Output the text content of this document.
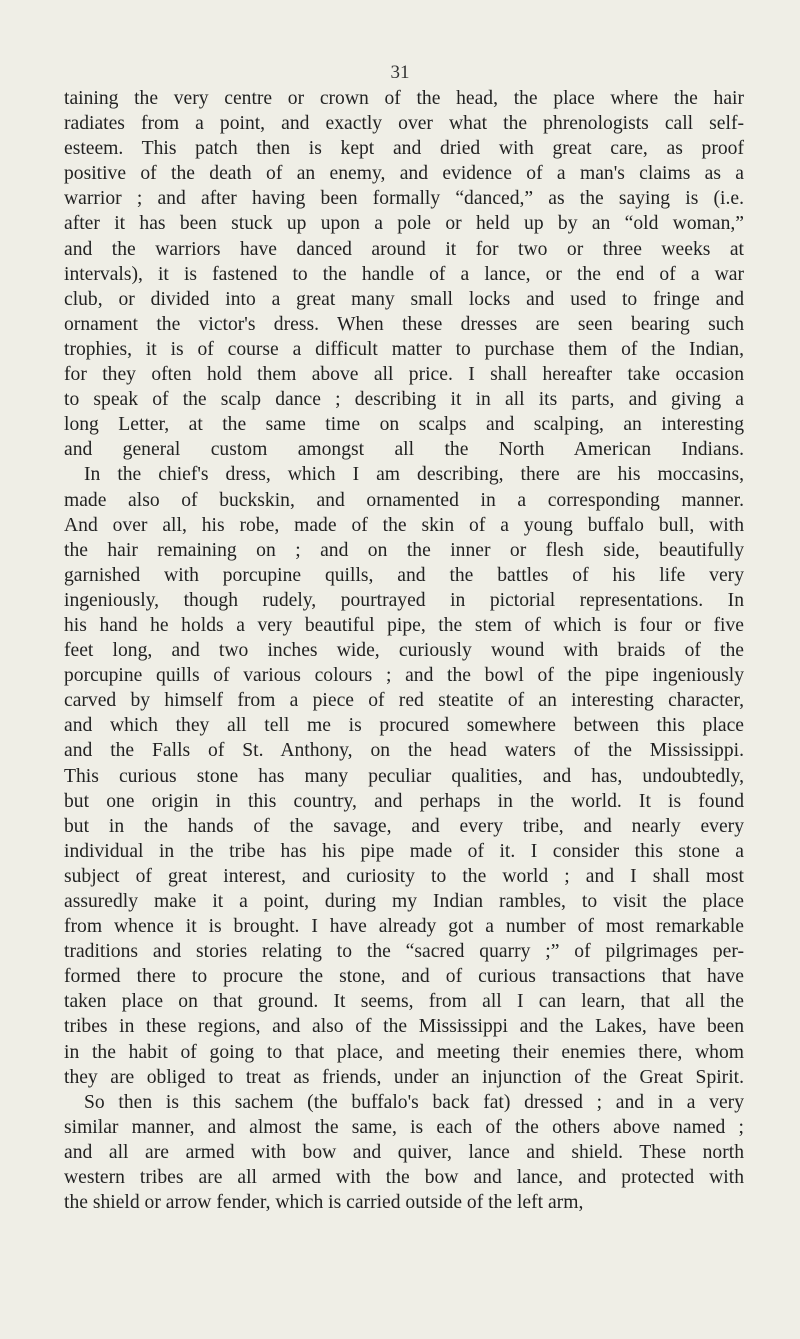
31
taining the very centre or crown of the head, the place where the hair
radiates from a point, and exactly over what the phrenologists call self-
esteem. This patch then is kept and dried with great care, as proof
positive of the death of an enemy, and evidence of a man's claims as a
warrior ; and after having been formally “danced,” as the saying is (i.e.
after it has been stuck up upon a pole or held up by an “old woman,”
and the warriors have danced around it for two or three weeks at
intervals), it is fastened to the handle of a lance, or the end of a war
club, or divided into a great many small locks and used to fringe and
ornament the victor's dress. When these dresses are seen bearing such
trophies, it is of course a difficult matter to purchase them of the Indian,
for they often hold them above all price. I shall hereafter take occasion
to speak of the scalp dance ; describing it in all its parts, and giving a
long Letter, at the same time on scalps and scalping, an interesting
and general custom amongst all the North American Indians.
In the chief's dress, which I am describing, there are his moccasins,
made also of buckskin, and ornamented in a corresponding manner.
And over all, his robe, made of the skin of a young buffalo bull, with
the hair remaining on ; and on the inner or flesh side, beautifully
garnished with porcupine quills, and the battles of his life very
ingeniously, though rudely, pourtrayed in pictorial representations. In
his hand he holds a very beautiful pipe, the stem of which is four or five
feet long, and two inches wide, curiously wound with braids of the
porcupine quills of various colours ; and the bowl of the pipe ingeniously
carved by himself from a piece of red steatite of an interesting character,
and which they all tell me is procured somewhere between this place
and the Falls of St. Anthony, on the head waters of the Mississippi.
This curious stone has many peculiar qualities, and has, undoubtedly,
but one origin in this country, and perhaps in the world. It is found
but in the hands of the savage, and every tribe, and nearly every
individual in the tribe has his pipe made of it. I consider this stone a
subject of great interest, and curiosity to the world ; and I shall most
assuredly make it a point, during my Indian rambles, to visit the place
from whence it is brought. I have already got a number of most remarkable
traditions and stories relating to the “sacred quarry ;” of pilgrimages per-
formed there to procure the stone, and of curious transactions that have
taken place on that ground. It seems, from all I can learn, that all the
tribes in these regions, and also of the Mississippi and the Lakes, have been
in the habit of going to that place, and meeting their enemies there, whom
they are obliged to treat as friends, under an injunction of the Great Spirit.
So then is this sachem (the buffalo's back fat) dressed ; and in a very
similar manner, and almost the same, is each of the others above named ;
and all are armed with bow and quiver, lance and shield. These north
western tribes are all armed with the bow and lance, and protected with
the shield or arrow fender, which is carried outside of the left arm,
